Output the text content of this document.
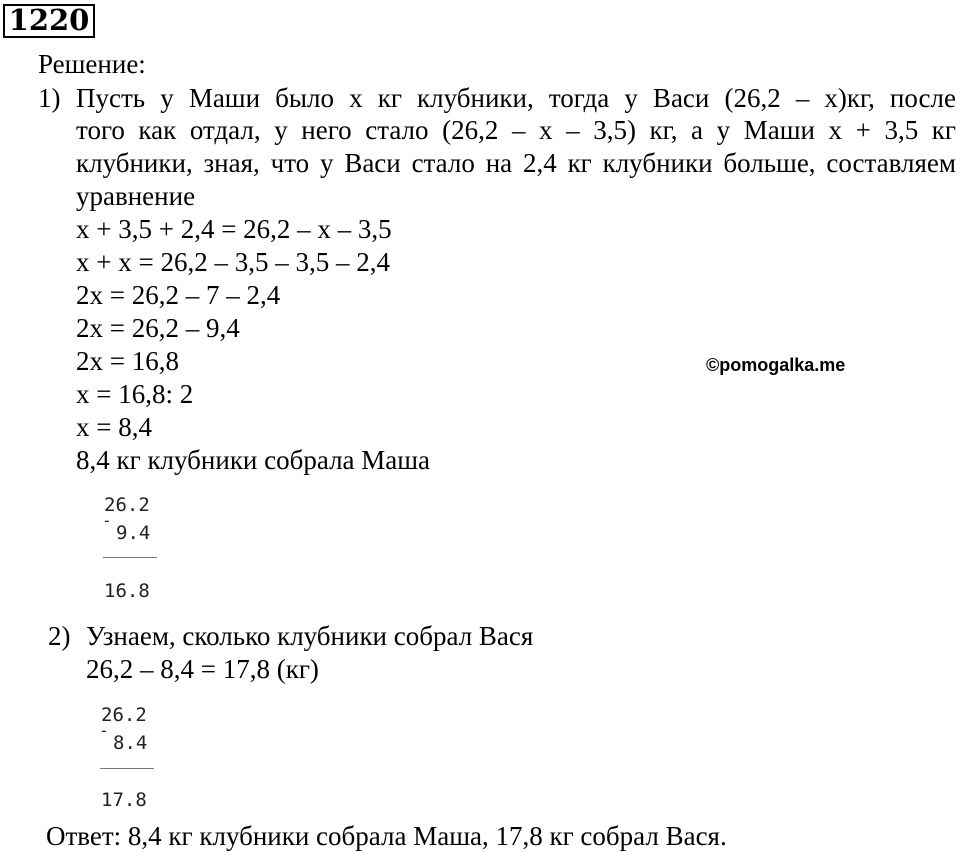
1220
Решение:
1) Пусть у Маши было х кг клубники, тогда у Васи (26,2 – х)кг, после
того как отдал, у него стало (26,2 – х – 3,5) кг, а у Маши х + 3,5 кг
клубники, зная, что у Васи стало на 2,4 кг клубники больше, составляем
уравнение
х + 3,5 + 2,4 = 26,2 – х – 3,5
х + х = 26,2 – 3,5 – 3,5 – 2,4
2х = 26,2 – 7 – 2,4
2х = 26,2 – 9,4
2х = 16,8
х = 16,8: 2
х = 8,4
8,4 кг клубники собрала Маша
©pomogalka.me
26.2
-
9.4
16.8
2) Узнаем, сколько клубники собрал Вася
26,2 – 8,4 = 17,8 (кг)
26.2
-
8.4
17.8
Ответ: 8,4 кг клубники собрала Маша, 17,8 кг собрал Вася.
